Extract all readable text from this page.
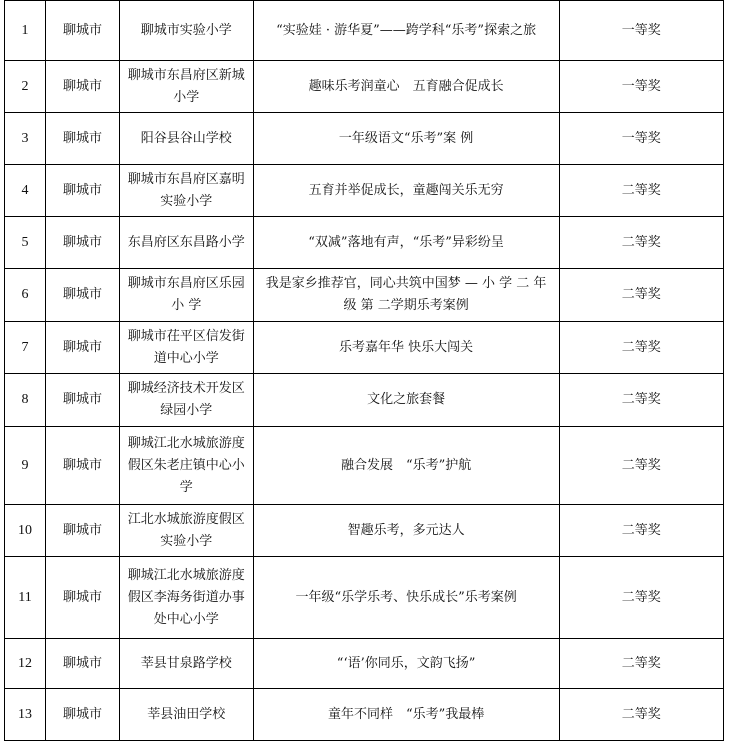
1	聊城市	聊城市实验小学	“实验娃 · 游华夏”——跨学科“乐考”探索之旅	一等奖
2	聊城市	聊城市东昌府区新城小学	趣味乐考润童心　五育融合促成长	一等奖
3	聊城市	阳谷县谷山学校	一年级语文“乐考”案 例	一等奖
4	聊城市	聊城市东昌府区嘉明实验小学	五育并举促成长，童趣闯关乐无穷	二等奖
5	聊城市	东昌府区东昌路小学	“双减”落地有声，“乐考”异彩纷呈	二等奖
6	聊城市	聊城市东昌府区乐园小 学	我是家乡推荐官，同心共筑中国梦 — 小 学 二 年 级 第 二学期乐考案例	二等奖
7	聊城市	聊城市茌平区信发街道中心小学	乐考嘉年华 快乐大闯关	二等奖
8	聊城市	聊城经济技术开发区绿园小学	文化之旅套餐	二等奖
9	聊城市	聊城江北水城旅游度假区朱老庄镇中心小学	融合发展　“乐考”护航	二等奖
10	聊城市	江北水城旅游度假区实验小学	智趣乐考，多元达人	二等奖
11	聊城市	聊城江北水城旅游度假区李海务街道办事处中心小学	一年级“乐学乐考、快乐成长”乐考案例	二等奖
12	聊城市	莘县甘泉路学校	“‘语’你同乐，文韵飞扬”	二等奖
13	聊城市	莘县油田学校	童年不同样　“乐考”我最棒	二等奖
